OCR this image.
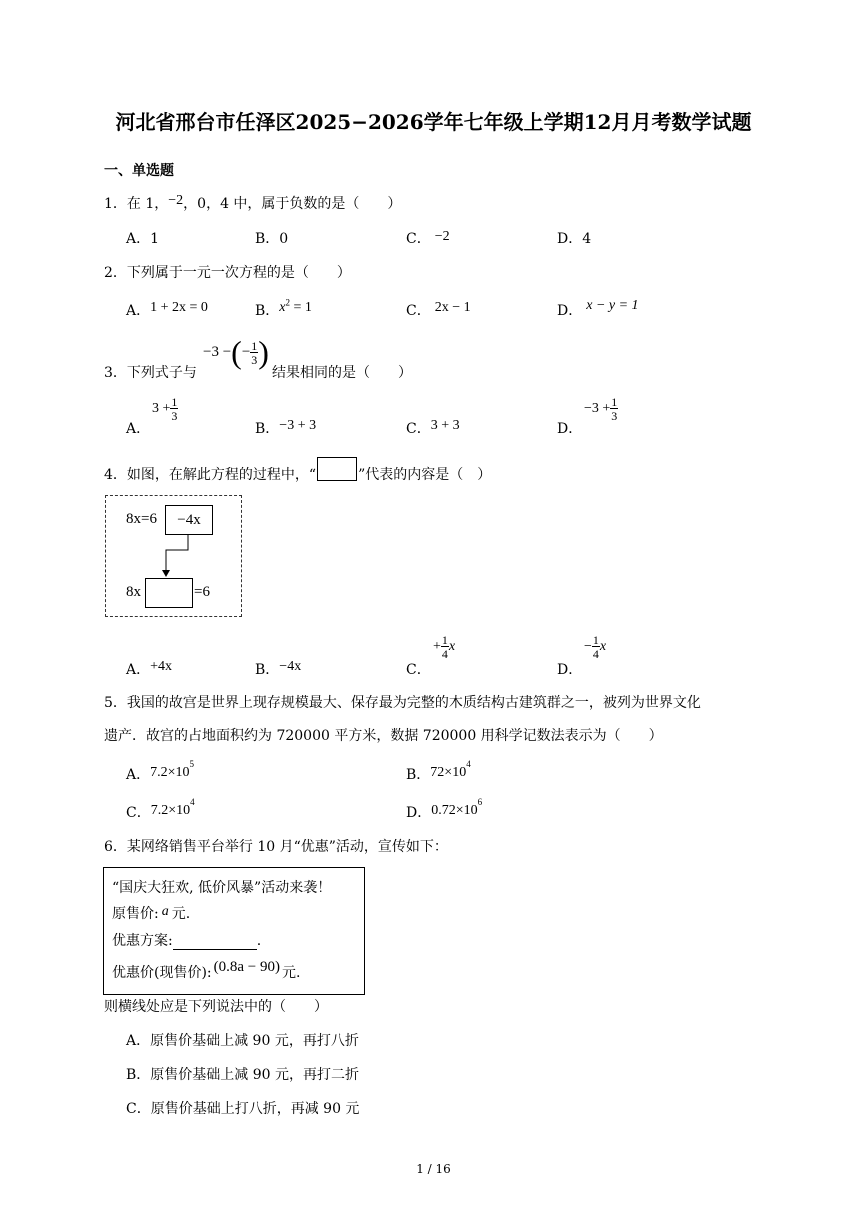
河北省邢台市任泽区2025−2026学年七年级上学期12月月考数学试题
一、单选题
1．在 1，−2，0，4 中，属于负数的是（　　）
A．1	B．0	C． −2	D．4
2．下列属于一元一次方程的是（　　）
A．1 + 2x = 0	B．$x^2 = 1$	C． 2x − 1	D． x − y = 1
3．下列式子与
−3 −(− $\frac{1}{3}$ )
结果相同的是（　　）
A．
$3 + \frac{1}{3}$
B．−3 + 3	C．3 + 3	D．
$-3 + \frac{1}{3}$
4．如图，在解此方程的过程中，“	”代表的内容是（　）
8x=6	−4x
8x	=6
A．+4x	B．−4x	C．
+ $\frac{1}{4}$ x
D．
− $\frac{1}{4}$ x
5．我国的故宫是世界上现存规模最大、保存最为完整的木质结构古建筑群之一，被列为世界文化
遗产．故宫的占地面积约为 720000 平方米，数据 720000 用科学记数法表示为（　　）
A．$7.2\times 10^5$
B．$72\times 10^4$
C．$7.2\times 10^4$
D．$0.72\times 10^6$
6．某网络销售平台举行 10 月“优惠”活动，宣传如下：
“国庆大狂欢, 低价风暴”活动来袭！
原售价: a 元.
优惠方案:	.
优惠价(现售价): (0.8a − 90) 元.
则横线处应是下列说法中的（　　）
A．原售价基础上减 90 元，再打八折
B．原售价基础上减 90 元，再打二折
C．原售价基础上打八折，再减 90 元
1 / 16
